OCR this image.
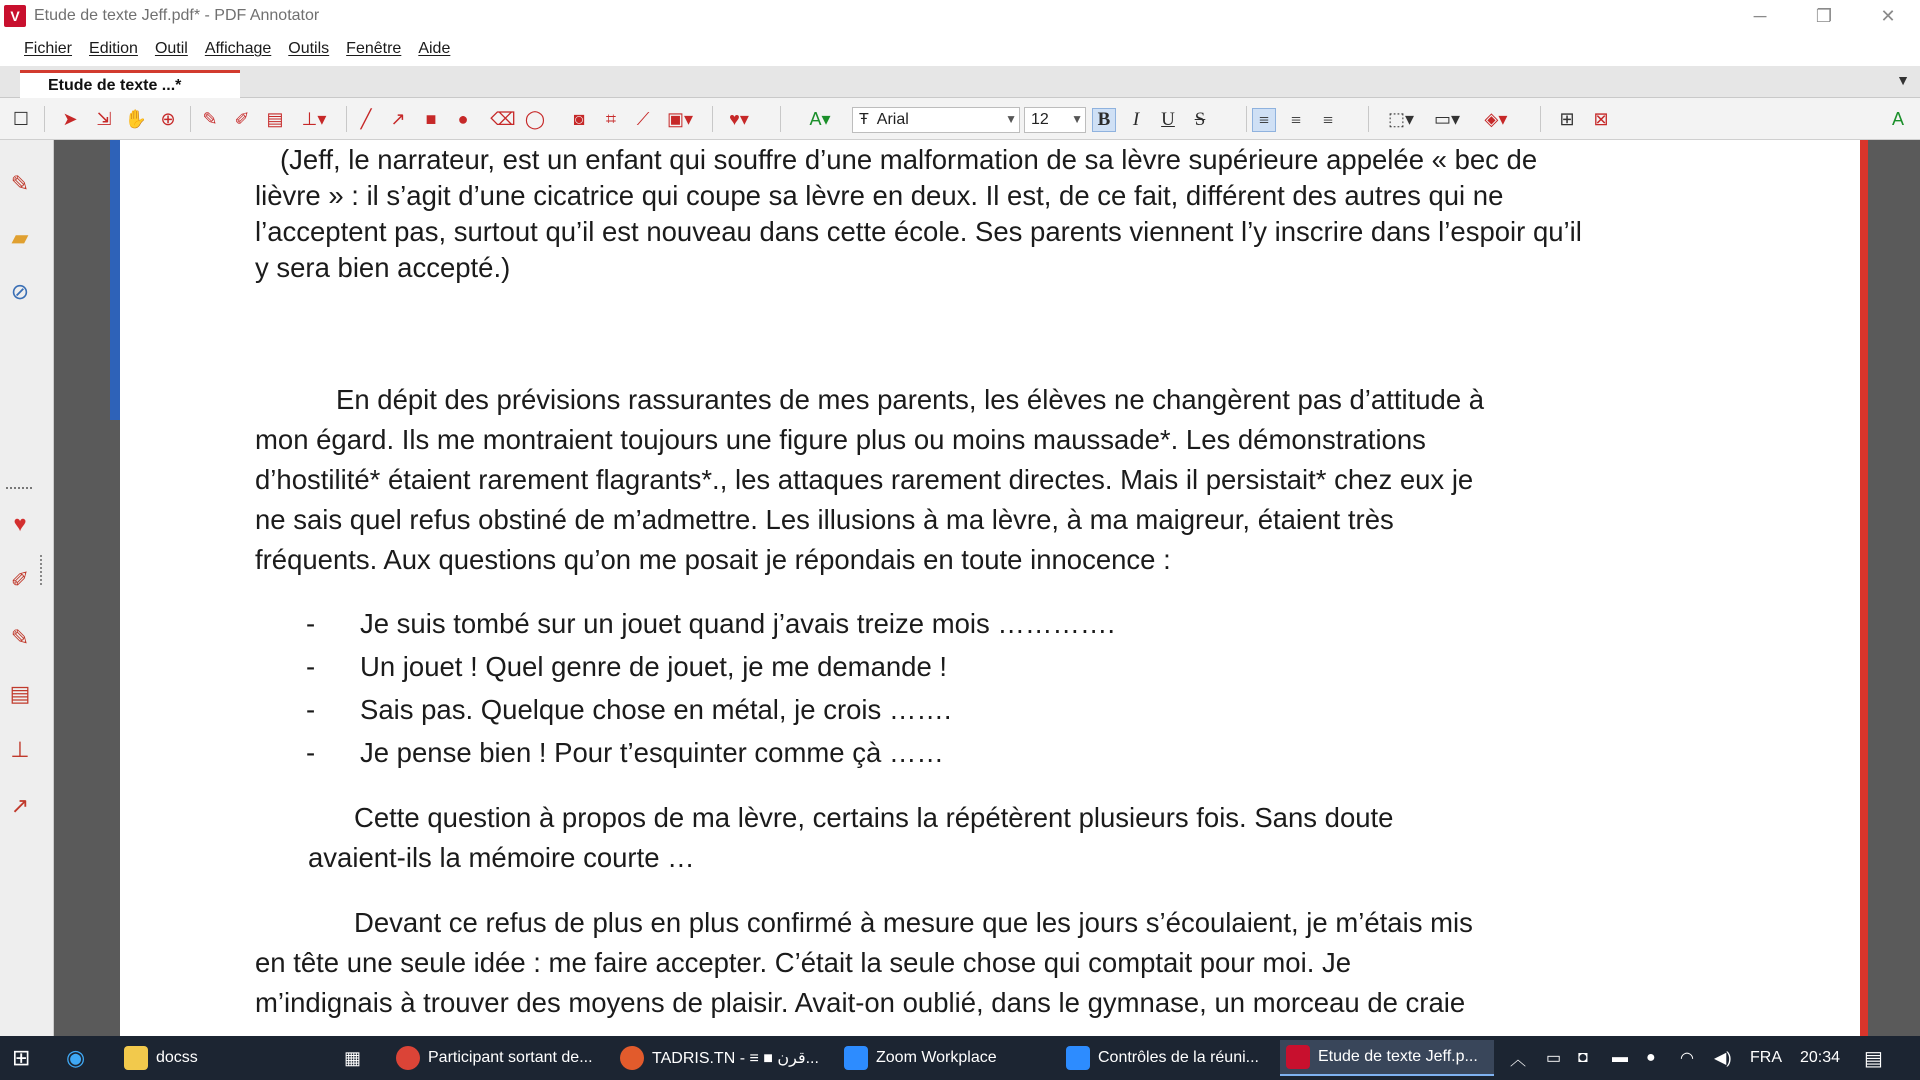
V Etude de texte Jeff.pdf* - PDF Annotator	─	❐	✕
Fichier Edition Outil Affichage Outils Fenêtre Aide
Etude de texte ...*	▼
☐ ➤ ⇲ ✋ ⊕ ✎ ✐ ▤	⊥▾	╱	↗	■	●	⌫ ◯	◙	⌗	⟋ ▣▾	♥▾	A ▾	Ŧ Arial	▼ 12 ▼ B	I	U	S	≡	≡	≡	⬚▾	▭▾	◈▾	⊞	⊠	A
✎
▰
⊘
♥
✐
✎
▤
⊥
↗
(Jeff, le narrateur, est un enfant qui souffre d’une malformation de sa lèvre supérieure appelée « bec de
lièvre » : il s’agit d’une cicatrice qui coupe sa lèvre en deux. Il est, de ce fait, différent des autres qui ne
l’acceptent pas, surtout qu’il est nouveau dans cette école. Ses parents viennent l’y inscrire dans l’espoir qu’il
y sera bien accepté.)
En dépit des prévisions rassurantes de mes parents, les élèves ne changèrent pas d’attitude à
mon égard. Ils me montraient toujours une figure plus ou moins maussade*. Les démonstrations
d’hostilité* étaient rarement flagrants*., les attaques rarement directes. Mais il persistait* chez eux je
ne sais quel refus obstiné de m’admettre. Les illusions à ma lèvre, à ma maigreur, étaient très
fréquents. Aux questions qu’on me posait je répondais en toute innocence :
- Je suis tombé sur un jouet quand j’avais treize mois ………….
- Un jouet ! Quel genre de jouet, je me demande !
- Sais pas. Quelque chose en métal, je crois …….
- Je pense bien ! Pour t’esquinter comme çà ……
Cette question à propos de ma lèvre, certains la répétèrent plusieurs fois. Sans doute
avaient-ils la mémoire courte …
Devant ce refus de plus en plus confirmé à mesure que les jours s’écoulaient, je m’étais mis
en tête une seule idée : me faire accepter. C’était la seule chose qui comptait pour moi. Je
m’indignais à trouver des moyens de plaisir. Avait-on oublié, dans le gymnase, un morceau de craie
⊞ ◉	docss	▦	Participant sortant de...	TADRIS.TN - ≡ ■ قرن...	Zoom Workplace	Contrôles de la réuni...	Etude de texte Jeff.p... ︿ ▭ ◘ ▬ ● ◠ ◀) FRA 20:34 ▤
